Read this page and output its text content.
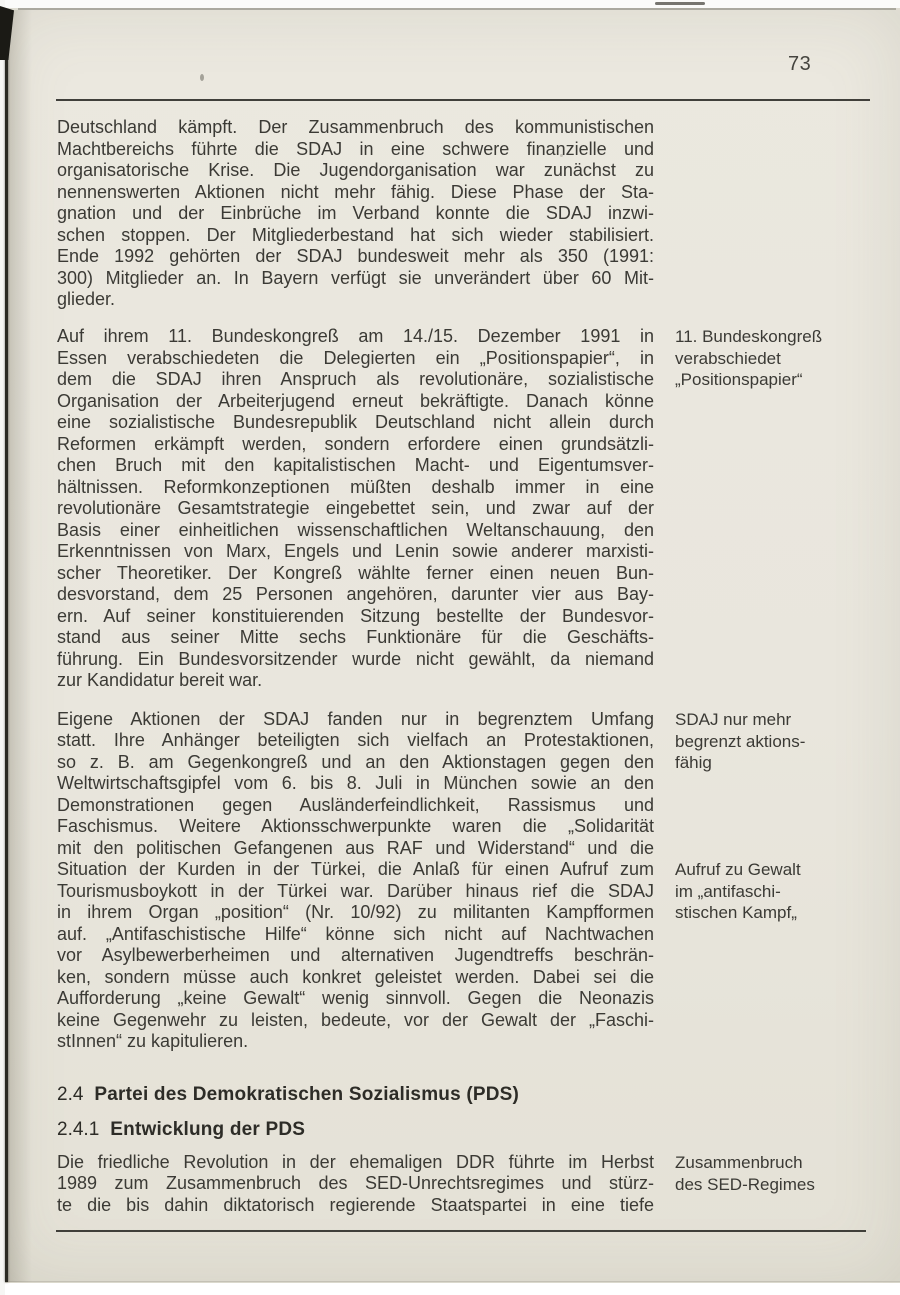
73
Deutschland kämpft. Der Zusammenbruch des kommunistischen
Machtbereichs führte die SDAJ in eine schwere finanzielle und
organisatorische Krise. Die Jugendorganisation war zunächst zu
nennenswerten Aktionen nicht mehr fähig. Diese Phase der Sta-
gnation und der Einbrüche im Verband konnte die SDAJ inzwi-
schen stoppen. Der Mitgliederbestand hat sich wieder stabilisiert.
Ende 1992 gehörten der SDAJ bundesweit mehr als 350 (1991:
300) Mitglieder an. In Bayern verfügt sie unverändert über 60 Mit-
glieder.
Auf ihrem 11. Bundeskongreß am 14./15. Dezember 1991 in
Essen verabschiedeten die Delegierten ein „Positionspapier“, in
dem die SDAJ ihren Anspruch als revolutionäre, sozialistische
Organisation der Arbeiterjugend erneut bekräftigte. Danach könne
eine sozialistische Bundesrepublik Deutschland nicht allein durch
Reformen erkämpft werden, sondern erfordere einen grundsätzli-
chen Bruch mit den kapitalistischen Macht- und Eigentumsver-
hältnissen. Reformkonzeptionen müßten deshalb immer in eine
revolutionäre Gesamtstrategie eingebettet sein, und zwar auf der
Basis einer einheitlichen wissenschaftlichen Weltanschauung, den
Erkenntnissen von Marx, Engels und Lenin sowie anderer marxisti-
scher Theoretiker. Der Kongreß wählte ferner einen neuen Bun-
desvorstand, dem 25 Personen angehören, darunter vier aus Bay-
ern. Auf seiner konstituierenden Sitzung bestellte der Bundesvor-
stand aus seiner Mitte sechs Funktionäre für die Geschäfts-
führung. Ein Bundesvorsitzender wurde nicht gewählt, da niemand
zur Kandidatur bereit war.
Eigene Aktionen der SDAJ fanden nur in begrenztem Umfang
statt. Ihre Anhänger beteiligten sich vielfach an Protestaktionen,
so z. B. am Gegenkongreß und an den Aktionstagen gegen den
Weltwirtschaftsgipfel vom 6. bis 8. Juli in München sowie an den
Demonstrationen gegen Ausländerfeindlichkeit, Rassismus und
Faschismus. Weitere Aktionsschwerpunkte waren die „Solidarität
mit den politischen Gefangenen aus RAF und Widerstand“ und die
Situation der Kurden in der Türkei, die Anlaß für einen Aufruf zum
Tourismusboykott in der Türkei war. Darüber hinaus rief die SDAJ
in ihrem Organ „position“ (Nr. 10/92) zu militanten Kampfformen
auf. „Antifaschistische Hilfe“ könne sich nicht auf Nachtwachen
vor Asylbewerberheimen und alternativen Jugendtreffs beschrän-
ken, sondern müsse auch konkret geleistet werden. Dabei sei die
Aufforderung „keine Gewalt“ wenig sinnvoll. Gegen die Neonazis
keine Gegenwehr zu leisten, bedeute, vor der Gewalt der „Faschi-
stInnen“ zu kapitulieren.
2.4 Partei des Demokratischen Sozialismus (PDS)
2.4.1 Entwicklung der PDS
Die friedliche Revolution in der ehemaligen DDR führte im Herbst
1989 zum Zusammenbruch des SED-Unrechtsregimes und stürz-
te die bis dahin diktatorisch regierende Staatspartei in eine tiefe
11. Bundeskongreß
verabschiedet
„Positionspapier“
SDAJ nur mehr
begrenzt aktions-
fähig
Aufruf zu Gewalt
im „antifaschi-
stischen Kampf„
Zusammenbruch
des SED-Regimes
